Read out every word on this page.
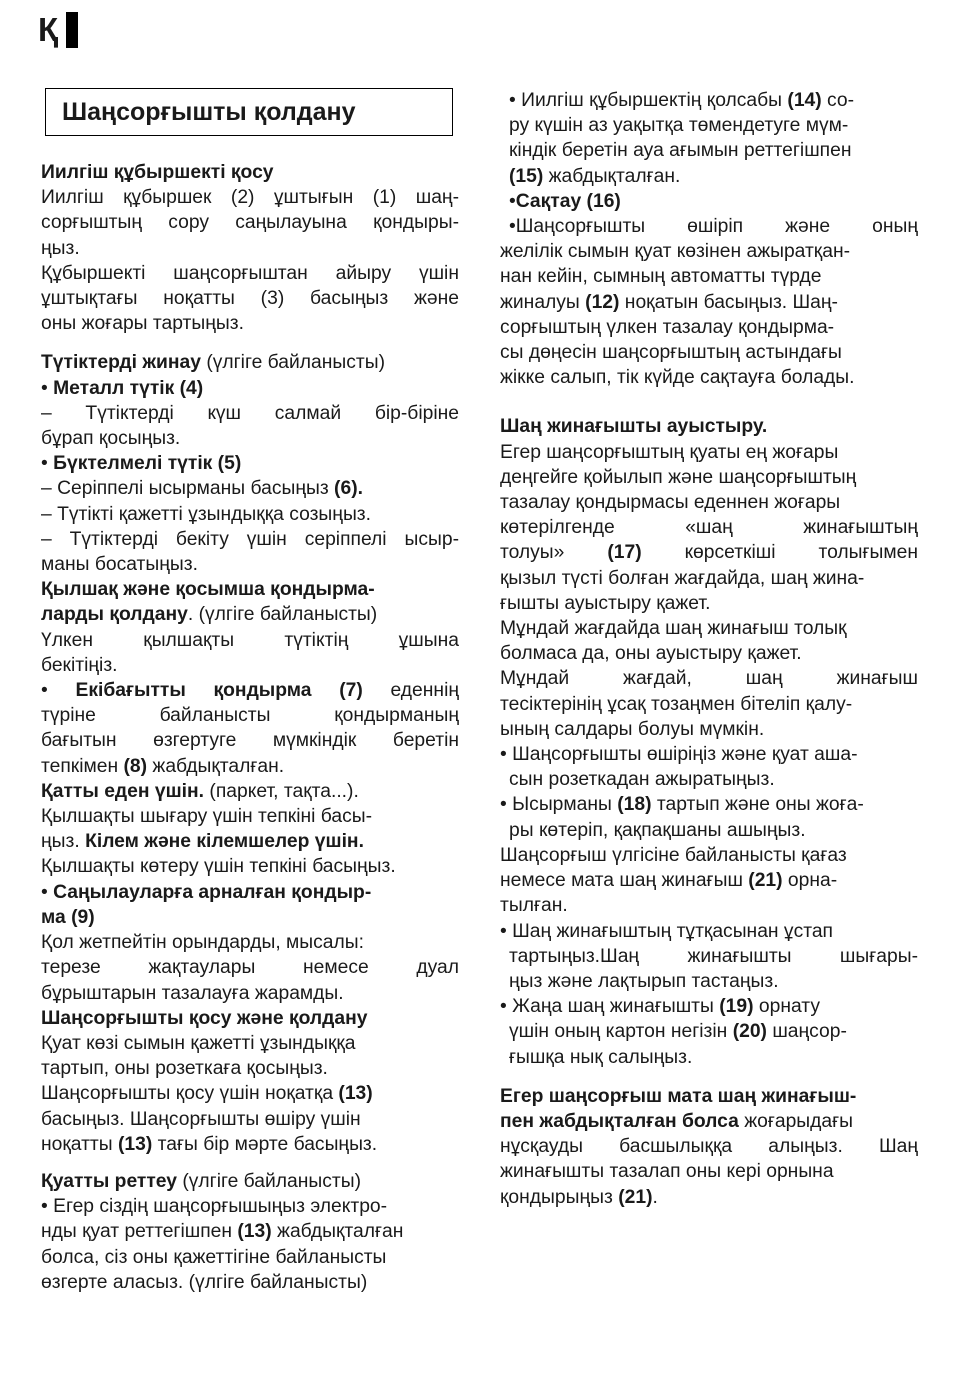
Қ
Шаңсорғышты қолдану
Иилгіш құбыршекті қосу
Иилгіш құбыршек (2) ұштығын (1) шаң-
сорғыштың сору саңылауына қондыры-
ңыз.
Құбыршекті шаңсорғыштан айыру үшін
ұштықтағы ноқатты (3) басыңыз және
оны жоғары тартыңыз.
Түтіктерді жинау (үлгіге байланысты)
• Металл түтік (4)
– Түтіктерді күш салмай бір-біріне
бұрап қосыңыз.
• Бүктелмелі түтік (5)
– Серіппелі ысырманы басыңыз (6).
– Түтікті қажетті ұзындыққа созыңыз.
– Түтіктерді бекіту үшін серіппелі ысыр-
маны босатыңыз.
Қылшақ және қосымша қондырма-
ларды қолдану. (үлгіге байланысты)
Үлкен қылшақты түтіктің ұшына
бекітіңіз.
• Екібағытты қондырма (7) еденнің
түріне байланысты қондырманың
бағытын өзгертуге мүмкіндік беретін
тепкімен (8) жабдықталған.
Қатты еден үшін. (паркет, тақта...).
Қылшақты шығару үшін тепкіні басы-
ңыз. Кілем және кілемшелер үшін.
Қылшақты көтеру үшін тепкіні басыңыз.
• Саңылауларға арналған қондыр-
ма (9)
Қол жетпейтін орындарды, мысалы:
терезе жақтаулары немесе дуал
бұрыштарын тазалауға жарамды.
Шаңсорғышты қосу және қолдану
Қуат көзі сымын қажетті ұзындыққа
тартып, оны розеткаға қосыңыз.
Шаңсорғышты қосу үшін ноқатқа (13)
басыңыз. Шаңсорғышты өшіру үшін
ноқатты (13) тағы бір мәрте басыңыз.
Қуатты реттеу (үлгіге байланысты)
• Егер сіздің шаңсорғышыңыз электро-
нды қуат реттегішпен (13) жабдықталған
болса, сіз оны қажеттігіне байланысты
өзгерте аласыз. (үлгіге байланысты)
• Иилгіш құбыршектің қолсабы (14) со-
ру күшін аз уақытқа төмендетуге мүм-
кіндік беретін ауа ағымын реттегішпен
(15) жабдықталған.
•Сақтау (16)
•Шаңсорғышты өшіріп және оның
желілік сымын қуат көзінен ажыратқан-
нан кейін, сымның автоматты түрде
жиналуы (12) ноқатын басыңыз. Шаң-
сорғыштың үлкен тазалау қондырма-
сы дөңесін шаңсорғыштың астындағы
жікке салып, тік күйде сақтауға болады.
Шаң жинағышты ауыстыру.
Егер шаңсорғыштың қуаты ең жоғары
деңгейге қойылып және шаңсорғыштың
тазалау қондырмасы еденнен жоғары
көтерілгенде «шаң жинағыштың
толуы» (17) көрсеткіші толығымен
қызыл түсті болған жағдайда, шаң жина-
ғышты ауыстыру қажет.
Мұндай жағдайда шаң жинағыш толық
болмаса да, оны ауыстыру қажет.
Мұндай жағдай, шаң жинағыш
тесіктерінің ұсақ тозаңмен бітеліп қалу-
ының салдары болуы мүмкін.
• Шаңсорғышты өшіріңіз және қуат аша-
сын розеткадан ажыратыңыз.
• Ысырманы (18) тартып және оны жоға-
ры көтеріп, қақпақшаны ашыңыз.
Шаңсорғыш үлгісіне байланысты қағаз
немесе мата шаң жинағыш (21) орна-
тылған.
• Шаң жинағыштың тұтқасынан ұстап
тартыңыз.Шаң жинағышты шығары-
ңыз және лақтырып тастаңыз.
• Жаңа шаң жинағышты (19) орнату
үшін оның картон негізін (20) шаңсор-
ғышқа нық салыңыз.
Егер шаңсорғыш мата шаң жинағыш-
пен жабдықталған болса жоғарыдағы
нұсқауды басшылыққа алыңыз. Шаң
жинағышты тазалап оны кері орнына
қондырыңыз (21).
